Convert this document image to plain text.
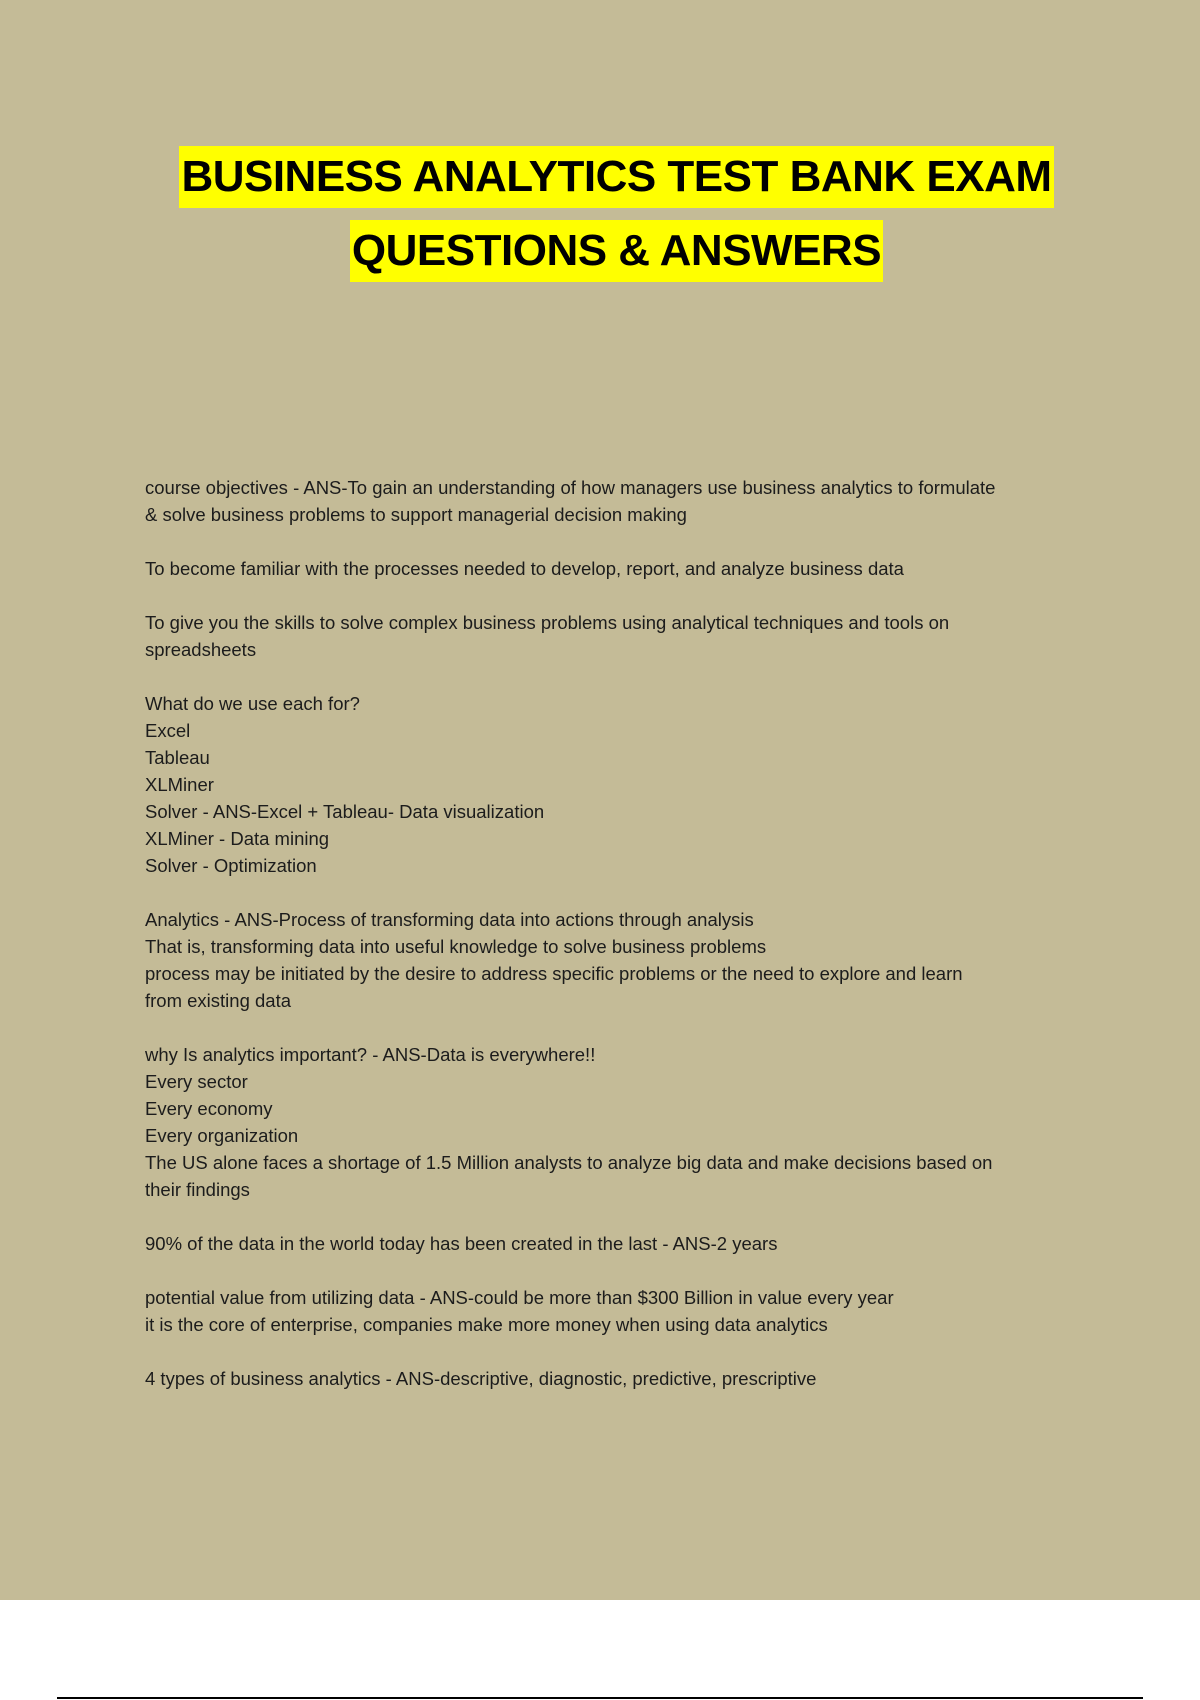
BUSINESS ANALYTICS TEST BANK EXAM
QUESTIONS & ANSWERS
course objectives - ANS-To gain an understanding of how managers use business analytics to formulate
& solve business problems to support managerial decision making
To become familiar with the processes needed to develop, report, and analyze business data
To give you the skills to solve complex business problems using analytical techniques and tools on
spreadsheets
What do we use each for?
Excel
Tableau
XLMiner
Solver - ANS-Excel + Tableau- Data visualization
XLMiner - Data mining
Solver - Optimization
Analytics - ANS-Process of transforming data into actions through analysis
That is, transforming data into useful knowledge to solve business problems
process may be initiated by the desire to address specific problems or the need to explore and learn
from existing data
why Is analytics important? - ANS-Data is everywhere!!
Every sector
Every economy
Every organization
The US alone faces a shortage of 1.5 Million analysts to analyze big data and make decisions based on
their findings
90% of the data in the world today has been created in the last - ANS-2 years
potential value from utilizing data - ANS-could be more than $300 Billion in value every year
it is the core of enterprise, companies make more money when using data analytics
4 types of business analytics - ANS-descriptive, diagnostic, predictive, prescriptive
